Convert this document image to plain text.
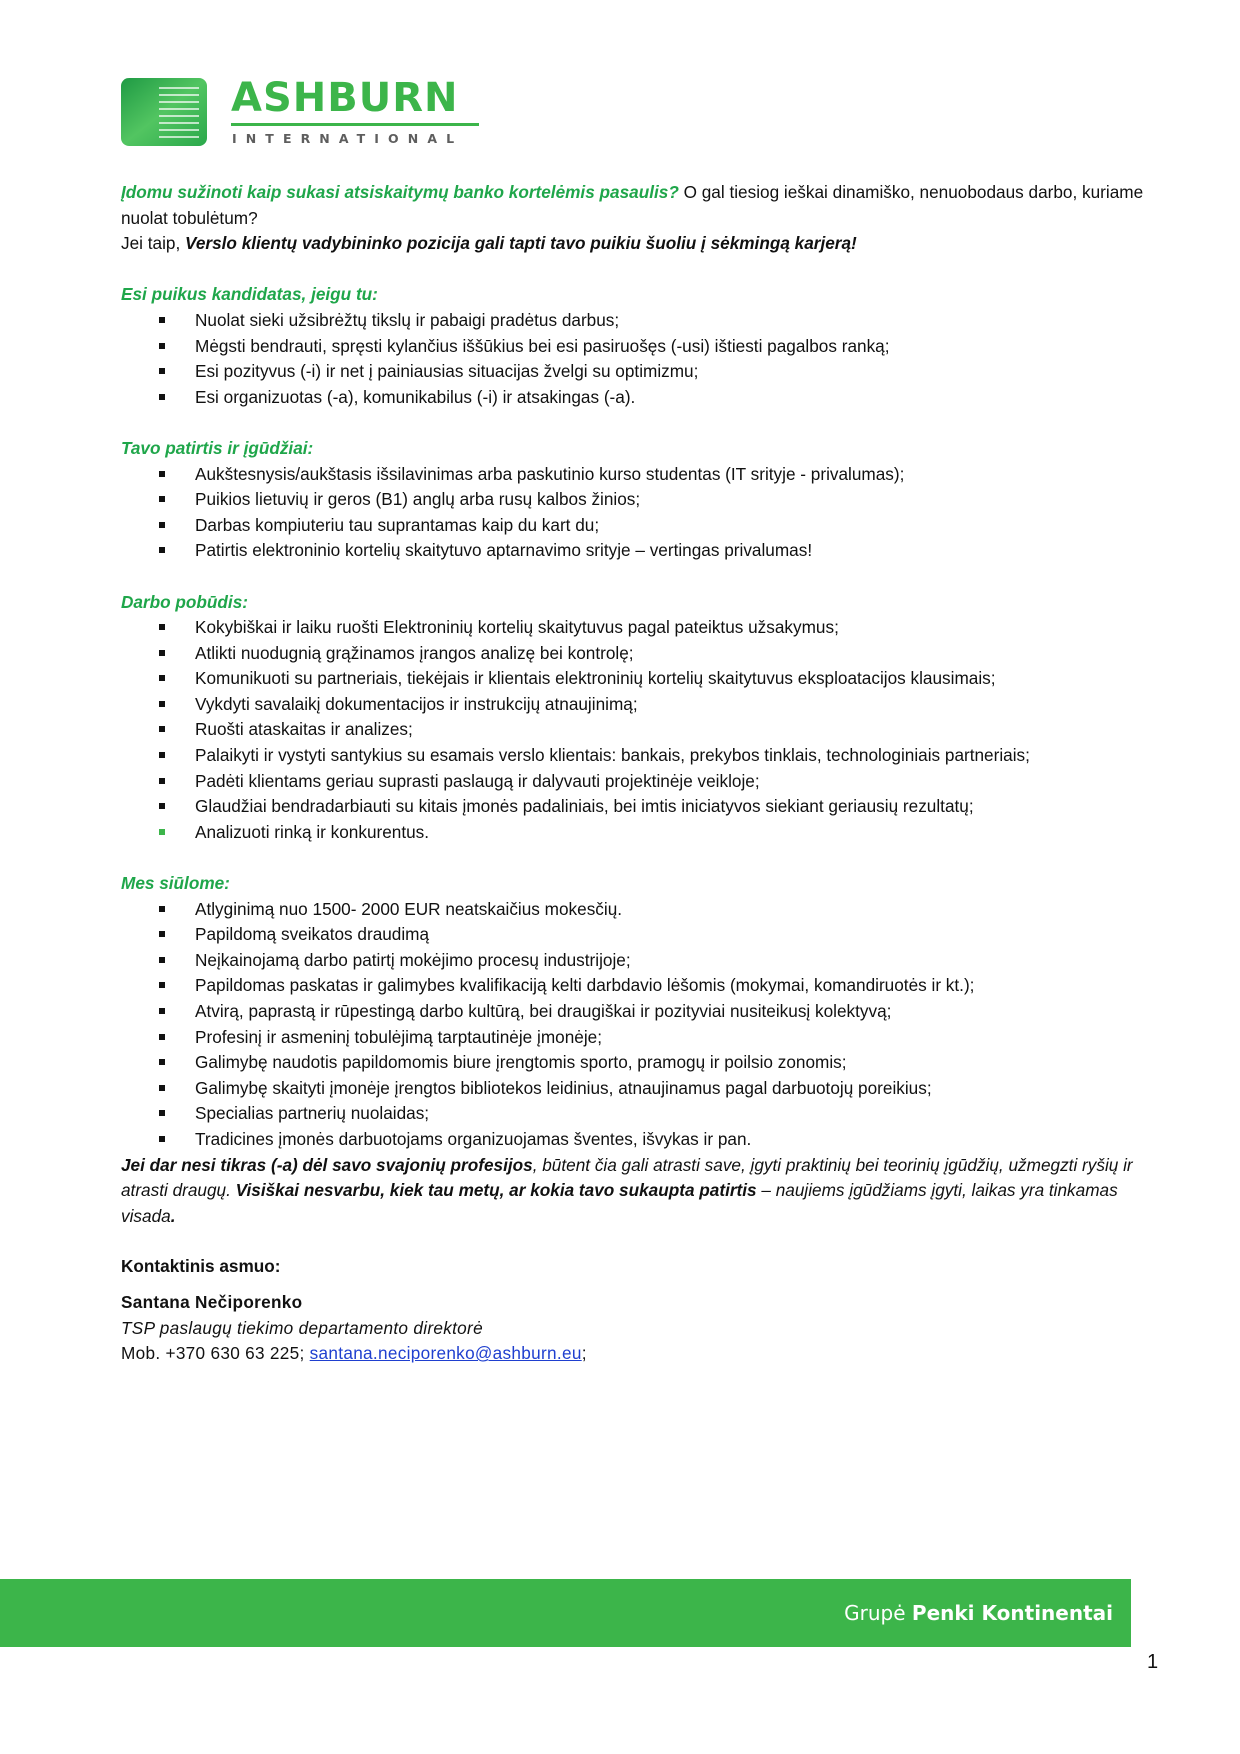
ASHBURN
INTERNATIONAL

Įdomu sužinoti kaip sukasi atsiskaitymų banko kortelėmis pasaulis? O gal tiesiog ieškai dinamiško, nenuobodaus darbo, kuriame nuolat tobulėtum?

Jei taip, Verslo klientų vadybininko pozicija gali tapti tavo puikiu šuoliu į sėkmingą karjerą!

Esi puikus kandidatas, jeigu tu:

Nuolat sieki užsibrėžtų tikslų ir pabaigi pradėtus darbus;
Mėgsti bendrauti, spręsti kylančius iššūkius bei esi pasiruošęs (-usi) ištiesti pagalbos ranką;
Esi pozityvus (-i) ir net į painiausias situacijas žvelgi su optimizmu;
Esi organizuotas (-a), komunikabilus (-i) ir atsakingas (-a).

Tavo patirtis ir įgūdžiai:

Aukštesnysis/aukštasis išsilavinimas arba paskutinio kurso studentas (IT srityje - privalumas);
Puikios lietuvių ir geros (B1) anglų arba rusų kalbos žinios;
Darbas kompiuteriu tau suprantamas kaip du kart du;
Patirtis elektroninio kortelių skaitytuvo aptarnavimo srityje – vertingas privalumas!

Darbo pobūdis:

Kokybiškai ir laiku ruošti Elektroninių kortelių skaitytuvus pagal pateiktus užsakymus;
Atlikti nuodugnią grąžinamos įrangos analizę bei kontrolę;
Komunikuoti su partneriais, tiekėjais ir klientais elektroninių kortelių skaitytuvus eksploatacijos klausimais;
Vykdyti savalaikį dokumentacijos ir instrukcijų atnaujinimą;
Ruošti ataskaitas ir analizes;
Palaikyti ir vystyti santykius su esamais verslo klientais: bankais, prekybos tinklais, technologiniais partneriais;
Padėti klientams geriau suprasti paslaugą ir dalyvauti projektinėje veikloje;
Glaudžiai bendradarbiauti su kitais įmonės padaliniais, bei imtis iniciatyvos siekiant geriausių rezultatų;
Analizuoti rinką ir konkurentus.

Mes siūlome:

Atlyginimą nuo 1500- 2000 EUR neatskaičius mokesčių.
Papildomą sveikatos draudimą
Neįkainojamą darbo patirtį mokėjimo procesų industrijoje;
Papildomas paskatas ir galimybes kvalifikaciją kelti darbdavio lėšomis (mokymai, komandiruotės ir kt.);
Atvirą, paprastą ir rūpestingą darbo kultūrą, bei draugiškai ir pozityviai nusiteikusį kolektyvą;
Profesinį ir asmeninį tobulėjimą tarptautinėje įmonėje;
Galimybę naudotis papildomomis biure įrengtomis sporto, pramogų ir poilsio zonomis;
Galimybę skaityti įmonėje įrengtos bibliotekos leidinius, atnaujinamus pagal darbuotojų poreikius;
Specialias partnerių nuolaidas;
Tradicines įmonės darbuotojams organizuojamas šventes, išvykas ir pan.

Jei dar nesi tikras (-a) dėl savo svajonių profesijos, būtent čia gali atrasti save, įgyti praktinių bei teorinių įgūdžių, užmegzti ryšių ir atrasti draugų. Visiškai nesvarbu, kiek tau metų, ar kokia tavo sukaupta patirtis – naujiems įgūdžiams įgyti, laikas yra tinkamas visada.

Kontaktinis asmuo:

Santana Nečiporenko

TSP paslaugų tiekimo departamento direktorė

Mob. +370 630 63 225; santana.neciporenko@ashburn.eu;

Grupė Penki Kontinentai
1
